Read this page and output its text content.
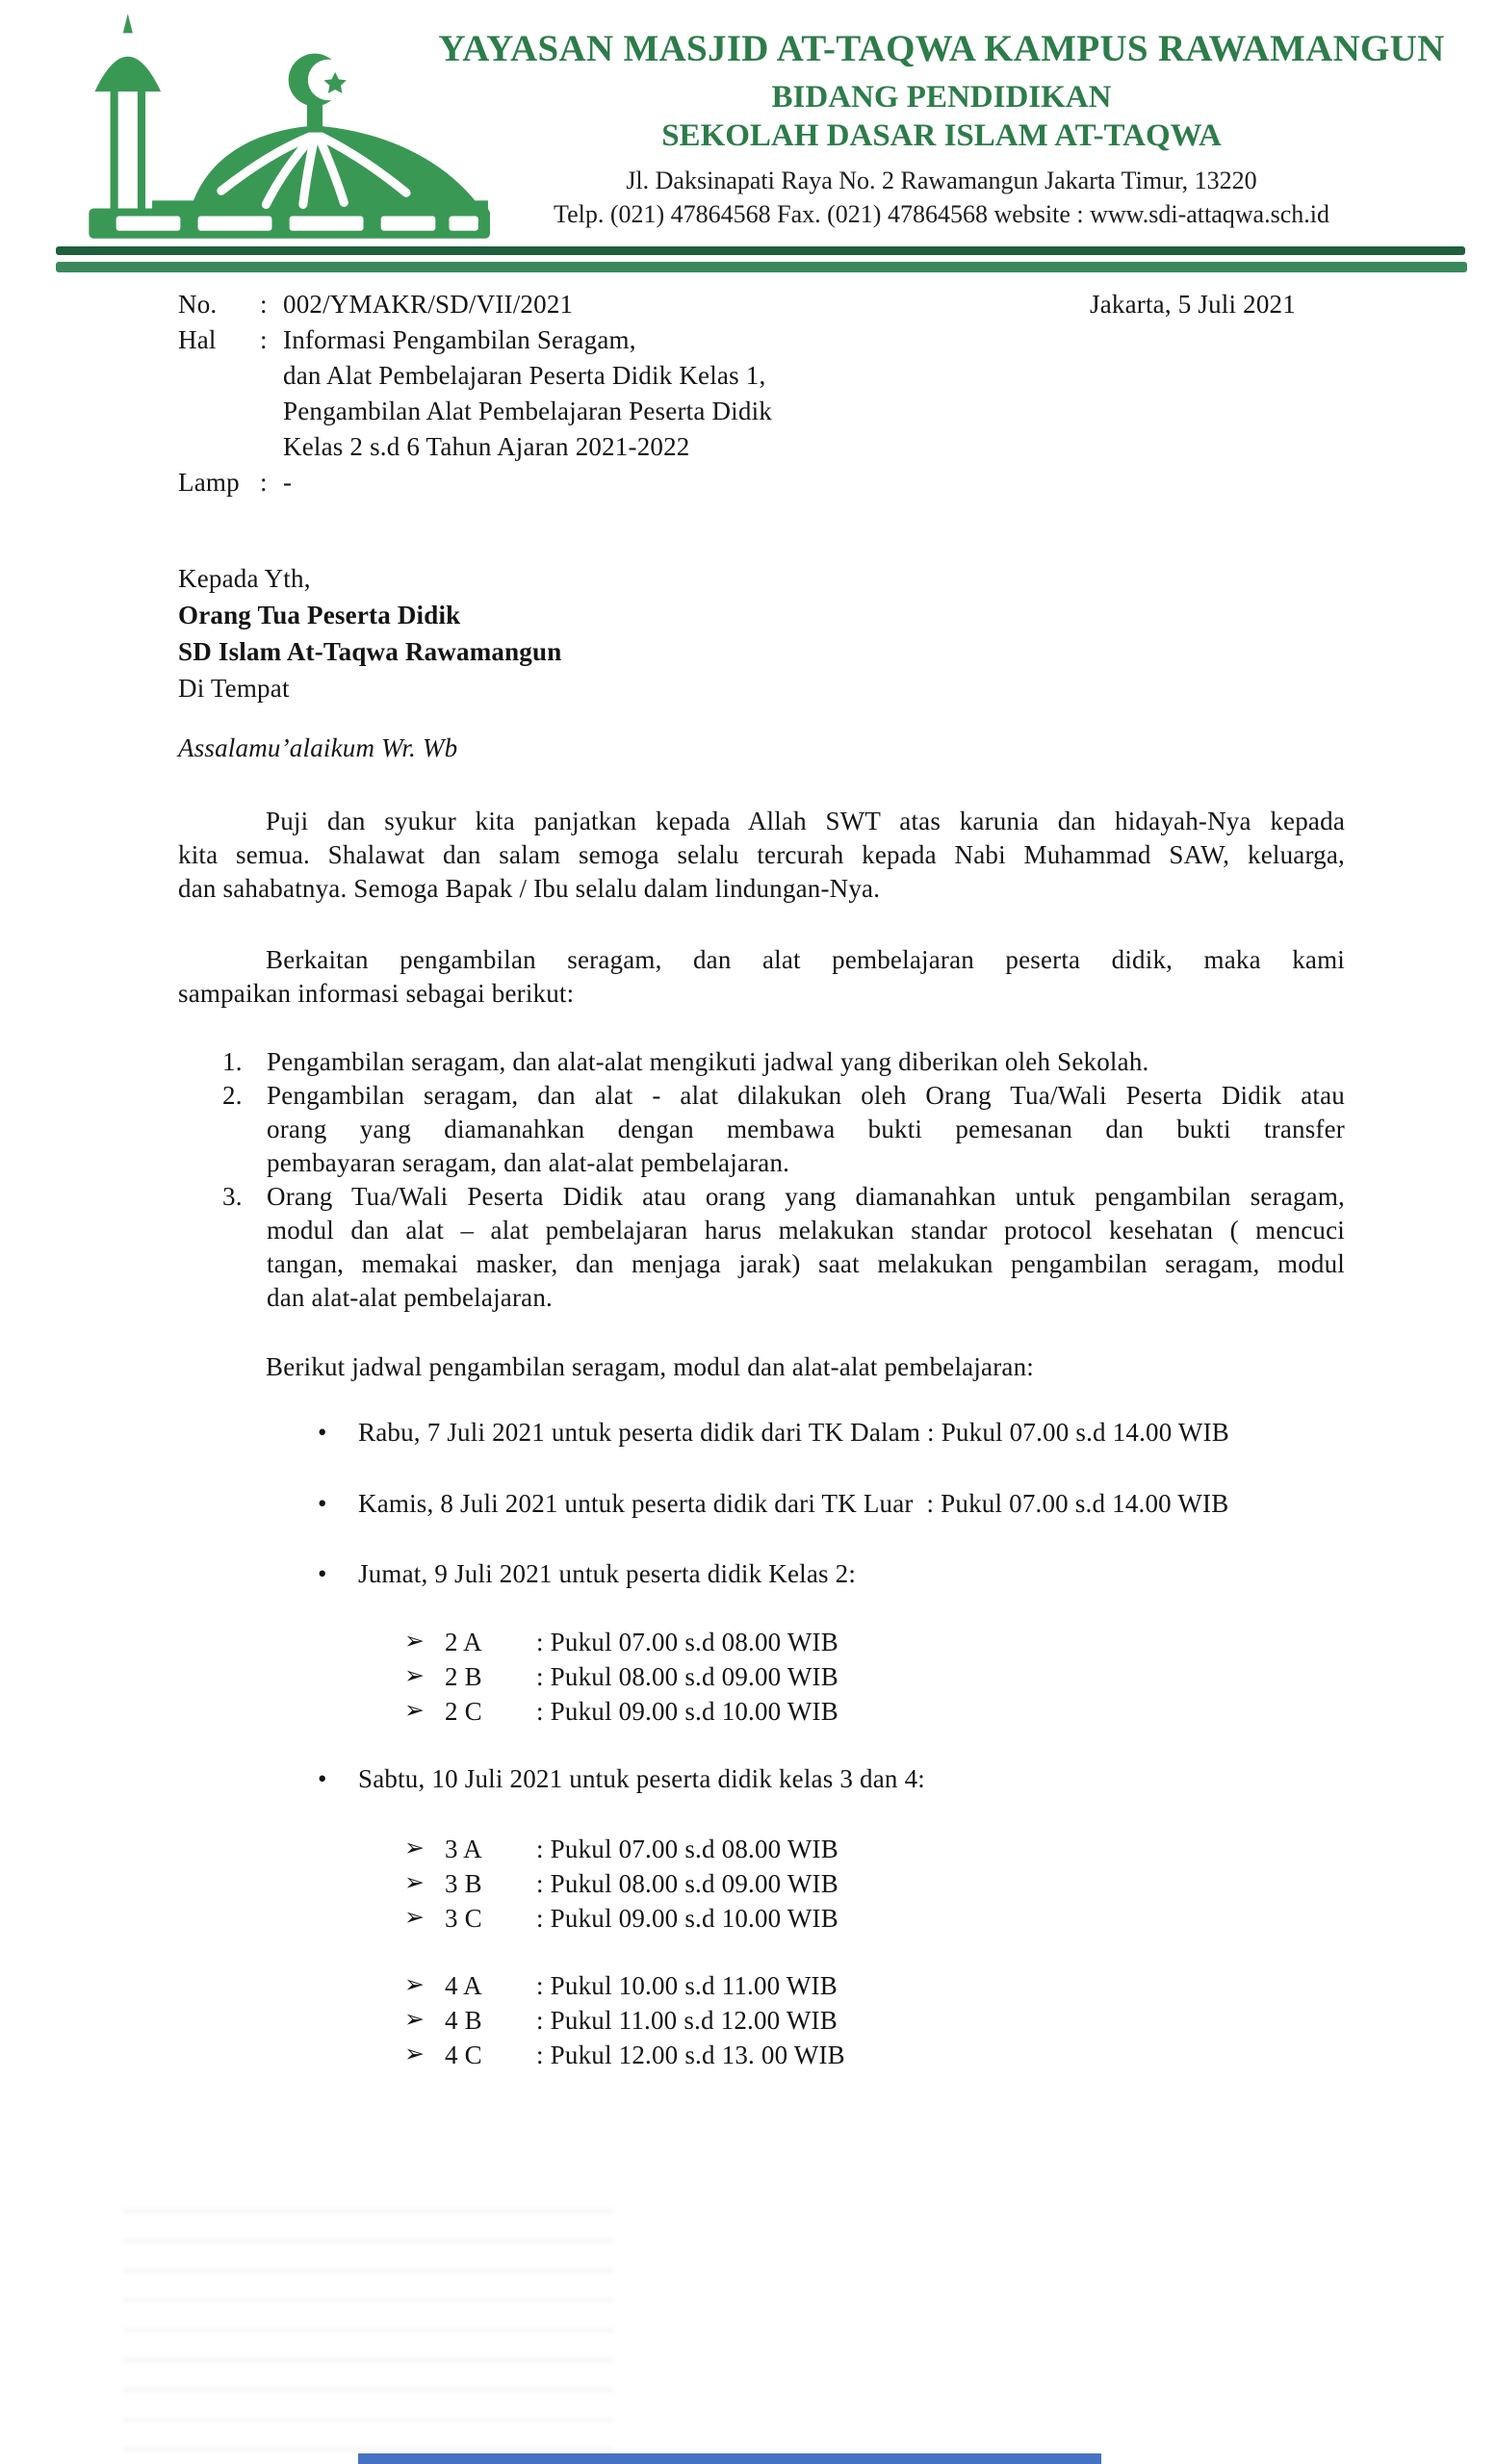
YAYASAN MASJID AT-TAQWA KAMPUS RAWAMANGUN
BIDANG PENDIDIKAN
SEKOLAH DASAR ISLAM AT-TAQWA
Jl. Daksinapati Raya No. 2 Rawamangun Jakarta Timur, 13220
Telp. (021) 47864568 Fax. (021) 47864568 website : www.sdi-attaqwa.sch.id
Jakarta, 5 Juli 2021
No.	: 002/YMAKR/SD/VII/2021
Hal	: Informasi Pengambilan Seragam,
dan Alat Pembelajaran Peserta Didik Kelas 1,
Pengambilan Alat Pembelajaran Peserta Didik
Kelas 2 s.d 6 Tahun Ajaran 2021-2022
Lamp : -
Kepada Yth,
Orang Tua Peserta Didik
SD Islam At-Taqwa Rawamangun
Di Tempat
Assalamu’alaikum Wr. Wb
Puji dan syukur kita panjatkan kepada Allah SWT atas karunia dan hidayah-Nya kepada
kita semua. Shalawat dan salam semoga selalu tercurah kepada Nabi Muhammad SAW, keluarga,
dan sahabatnya. Semoga Bapak / Ibu selalu dalam lindungan-Nya.
Berkaitan pengambilan seragam, dan alat pembelajaran peserta didik, maka kami
sampaikan informasi sebagai berikut:
1. Pengambilan seragam, dan alat-alat mengikuti jadwal yang diberikan oleh Sekolah.
2. Pengambilan seragam, dan alat - alat dilakukan oleh Orang Tua/Wali Peserta Didik atau
orang yang diamanahkan dengan membawa bukti pemesanan dan bukti transfer
pembayaran seragam, dan alat-alat pembelajaran.
3. Orang Tua/Wali Peserta Didik atau orang yang diamanahkan untuk pengambilan seragam,
modul dan alat – alat pembelajaran harus melakukan standar protocol kesehatan ( mencuci
tangan, memakai masker, dan menjaga jarak) saat melakukan pengambilan seragam, modul
dan alat-alat pembelajaran.
Berikut jadwal pengambilan seragam, modul dan alat-alat pembelajaran:
•	Rabu, 7 Juli 2021 untuk peserta didik dari TK Dalam : Pukul 07.00 s.d 14.00 WIB
•	Kamis, 8 Juli 2021 untuk peserta didik dari TK Luar  : Pukul 07.00 s.d 14.00 WIB
•	Jumat, 9 Juli 2021 untuk peserta didik Kelas 2:
➢ 2 A	: Pukul 07.00 s.d 08.00 WIB
➢ 2 B	: Pukul 08.00 s.d 09.00 WIB
➢ 2 C	: Pukul 09.00 s.d 10.00 WIB
•	Sabtu, 10 Juli 2021 untuk peserta didik kelas 3 dan 4:
➢ 3 A	: Pukul 07.00 s.d 08.00 WIB
➢ 3 B	: Pukul 08.00 s.d 09.00 WIB
➢ 3 C	: Pukul 09.00 s.d 10.00 WIB
➢ 4 A	: Pukul 10.00 s.d 11.00 WIB
➢ 4 B	: Pukul 11.00 s.d 12.00 WIB
➢ 4 C	: Pukul 12.00 s.d 13. 00 WIB
